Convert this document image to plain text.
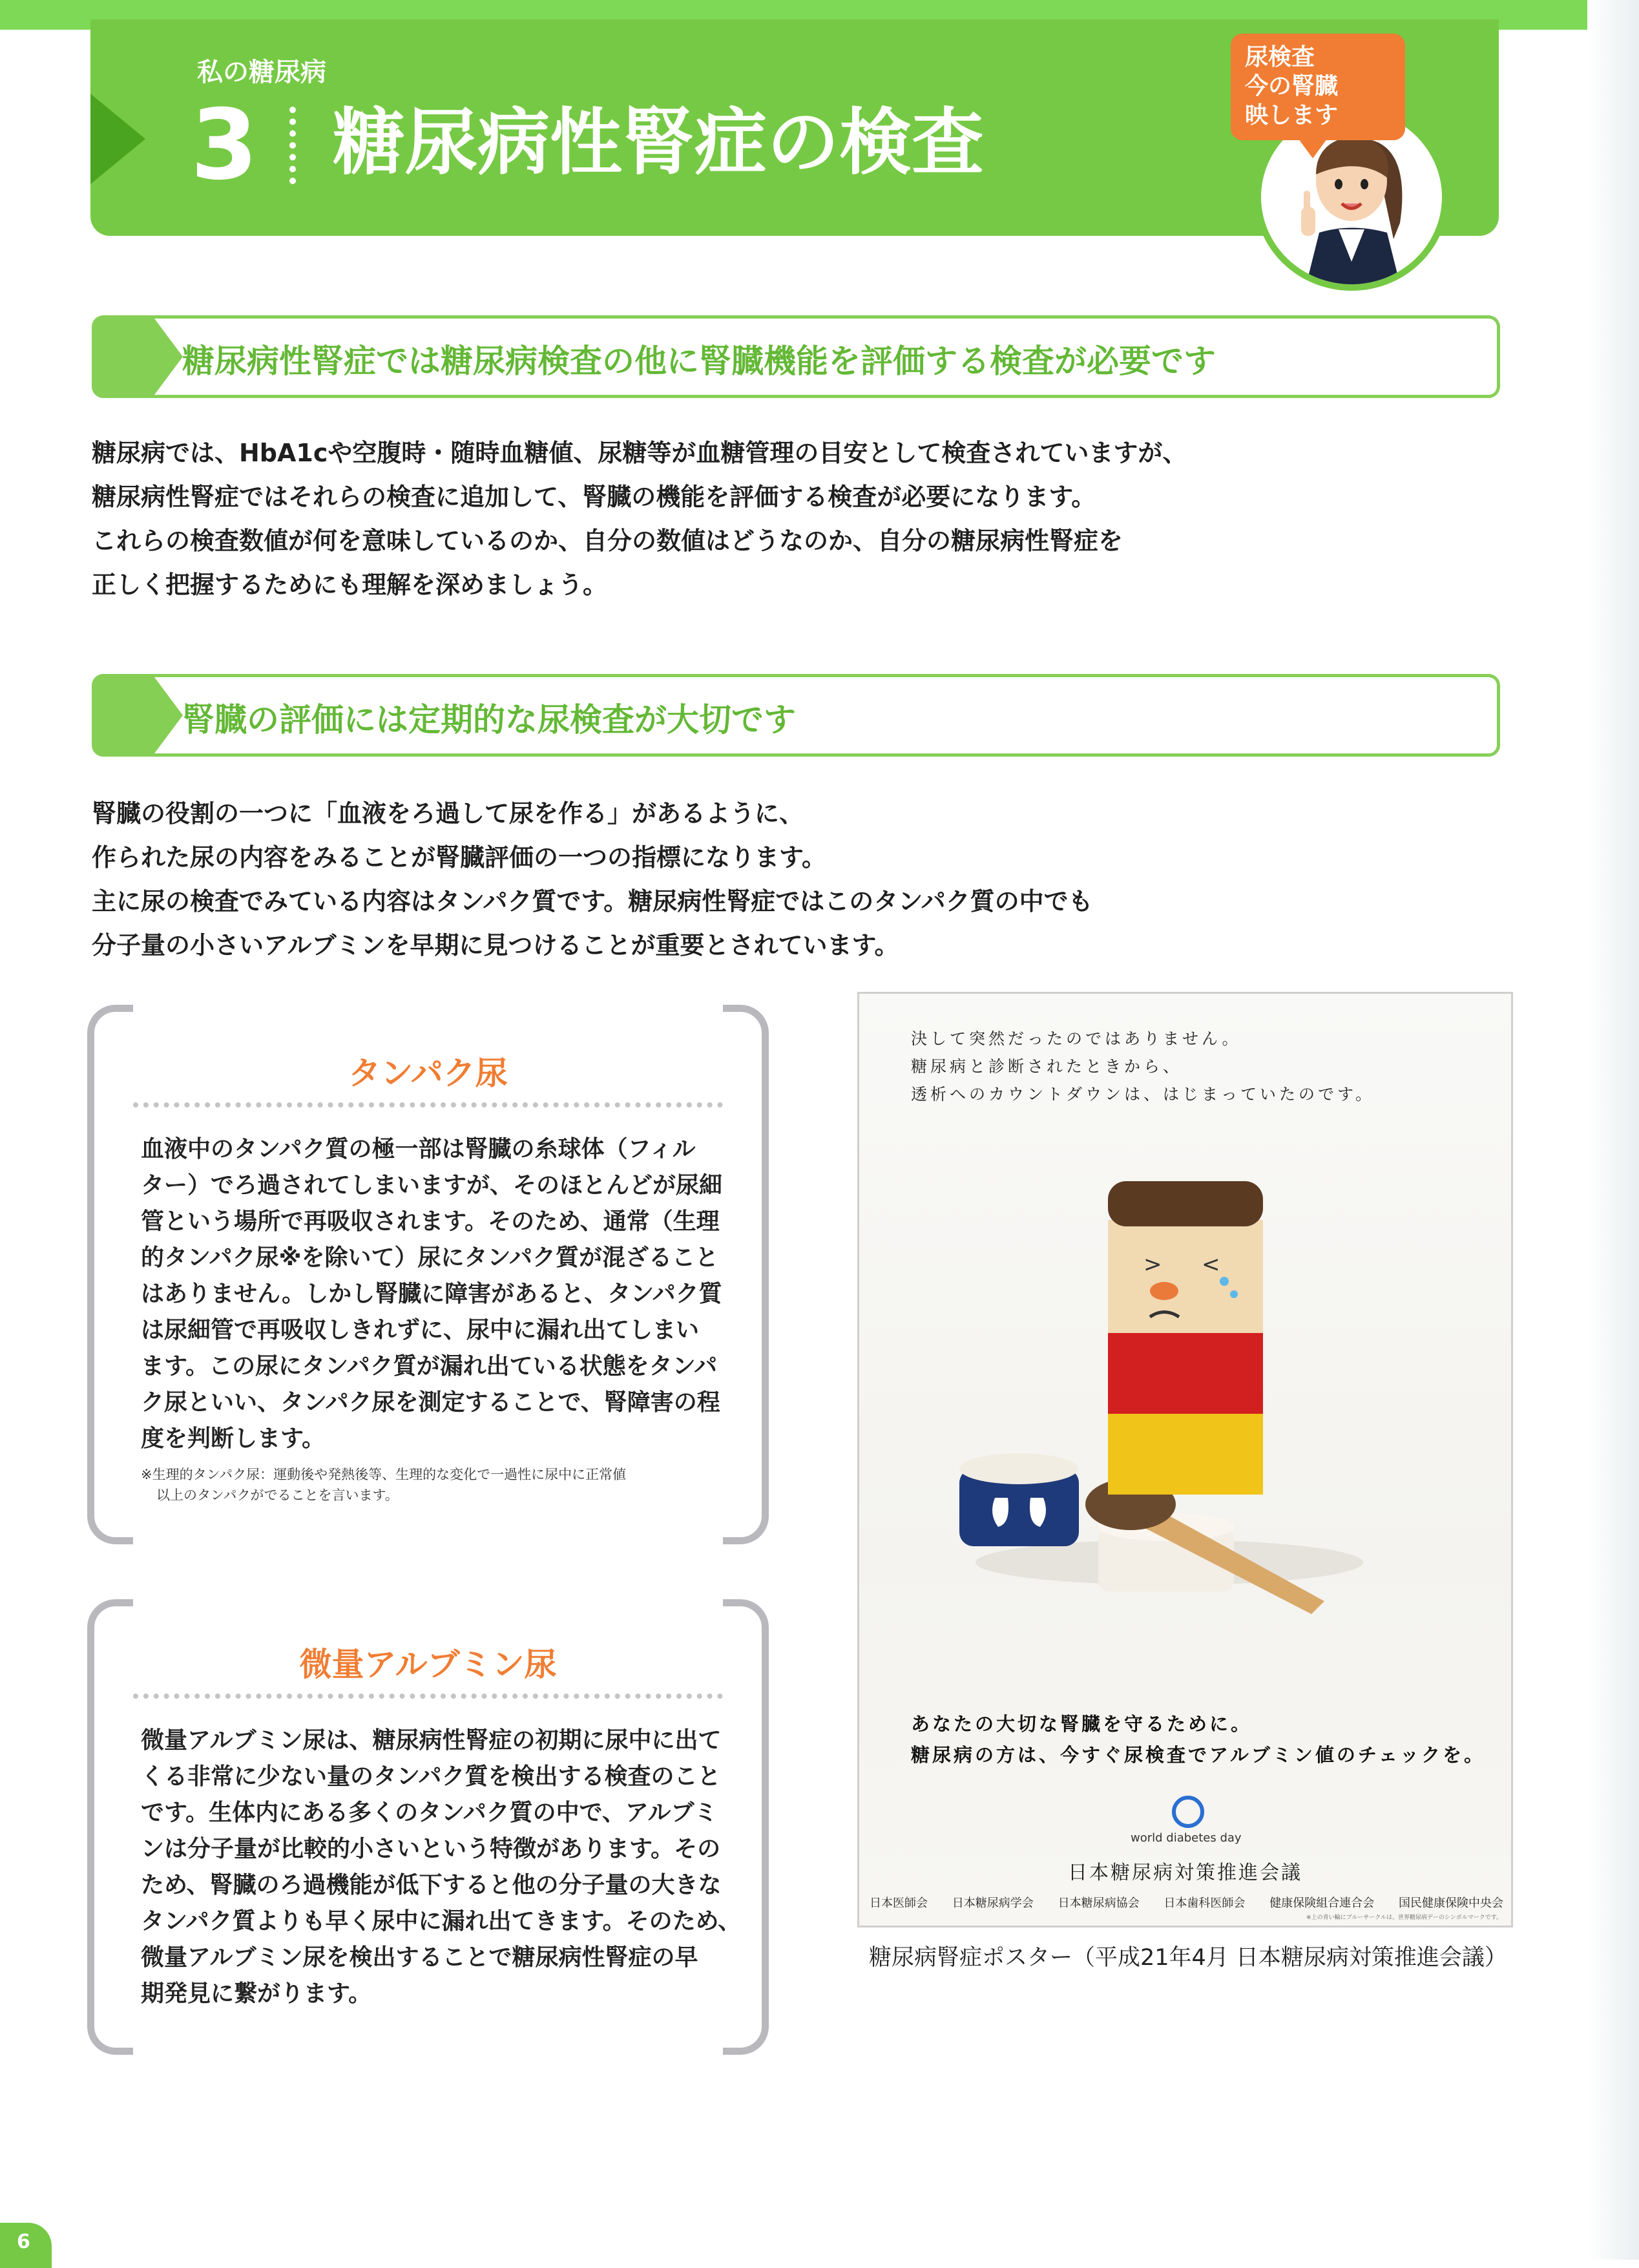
私の糖尿病
3 糖尿病性腎症の検査
尿検査
今の腎臓
映します
糖尿病性腎症では糖尿病検査の他に腎臓機能を評価する検査が必要です

糖尿病では、HbA1cや空腹時・随時血糖値、尿糖等が血糖管理の目安として検査されていますが、

糖尿病性腎症ではそれらの検査に追加して、腎臓の機能を評価する検査が必要になります。

これらの検査数値が何を意味しているのか、自分の数値はどうなのか、自分の糖尿病性腎症を

正しく把握するためにも理解を深めましょう。

腎臓の評価には定期的な尿検査が大切です

腎臓の役割の一つに「血液をろ過して尿を作る」があるように、

作られた尿の内容をみることが腎臓評価の一つの指標になります。

主に尿の検査でみている内容はタンパク質です。糖尿病性腎症ではこのタンパク質の中でも

分子量の小さいアルブミンを早期に見つけることが重要とされています。

タンパク尿

血液中のタンパク質の極一部は腎臓の糸球体（フィル

ター）でろ過されてしまいますが、そのほとんどが尿細

管という場所で再吸収されます。そのため、通常（生理

的タンパク尿※を除いて）尿にタンパク質が混ざること

はありません。しかし腎臓に障害があると、タンパク質

は尿細管で再吸収しきれずに、尿中に漏れ出てしまい

ます。この尿にタンパク質が漏れ出ている状態をタンパ

ク尿といい、タンパク尿を測定することで、腎障害の程

度を判断します。

※生理的タンパク尿：運動後や発熱後等、生理的な変化で一過性に尿中に正常値

以上のタンパクがでることを言います。

微量アルブミン尿

微量アルブミン尿は、糖尿病性腎症の初期に尿中に出て

くる非常に少ない量のタンパク質を検出する検査のこと

です。生体内にある多くのタンパク質の中で、アルブミ

ンは分子量が比較的小さいという特徴があります。その

ため、腎臓のろ過機能が低下すると他の分子量の大きな

タンパク質よりも早く尿中に漏れ出てきます。そのため、

微量アルブミン尿を検出することで糖尿病性腎症の早

期発見に繋がります。

決して突然だったのではありません。
糖尿病と診断されたときから、
透析へのカウントダウンは、はじまっていたのです。
> <
あなたの大切な腎臓を守るために。
糖尿病の方は、今すぐ尿検査でアルブミン値のチェックを。
world diabetes day
日本糖尿病対策推進会議
日本医師会 日本糖尿病学会 日本糖尿病協会 日本歯科医師会 健康保険組合連合会 国民健康保険中央会
※上の青い輪にブルーサークルは、世界糖尿病デーのシンボルマークです。
糖尿病腎症ポスター（平成21年4月 日本糖尿病対策推進会議）
6
